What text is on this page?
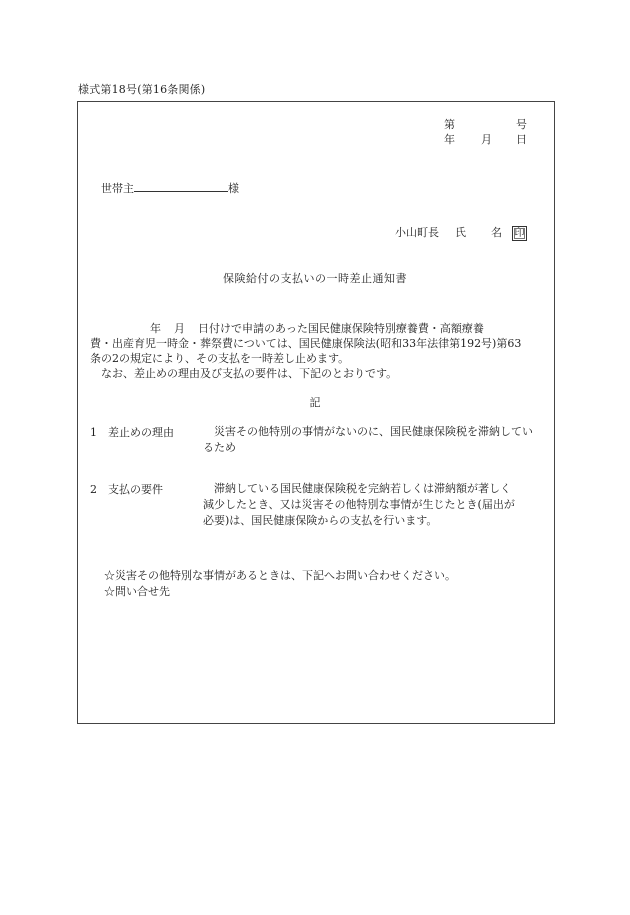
様式第18号(第16条関係)
第	号
年 月 日
世帯主	様
小山町長 氏 名	印
保険給付の支払いの一時差止通知書
年 月 日付けで申請のあった国民健康保険特別療養費・高額療養
費・出産育児一時金・葬祭費については、国民健康保険法(昭和33年法律第192号)第63
条の2の規定により、その支払を一時差し止めます。
なお、差止めの理由及び支払の要件は、下記のとおりです。
記
1 差止めの理由	災害その他特別の事情がないのに、国民健康保険税を滞納してい
るため
2 支払の要件	滞納している国民健康保険税を完納若しくは滞納額が著しく
減少したとき、又は災害その他特別な事情が生じたとき(届出が
必要)は、国民健康保険からの支払を行います。
☆災害その他特別な事情があるときは、下記へお問い合わせください。
☆問い合せ先
